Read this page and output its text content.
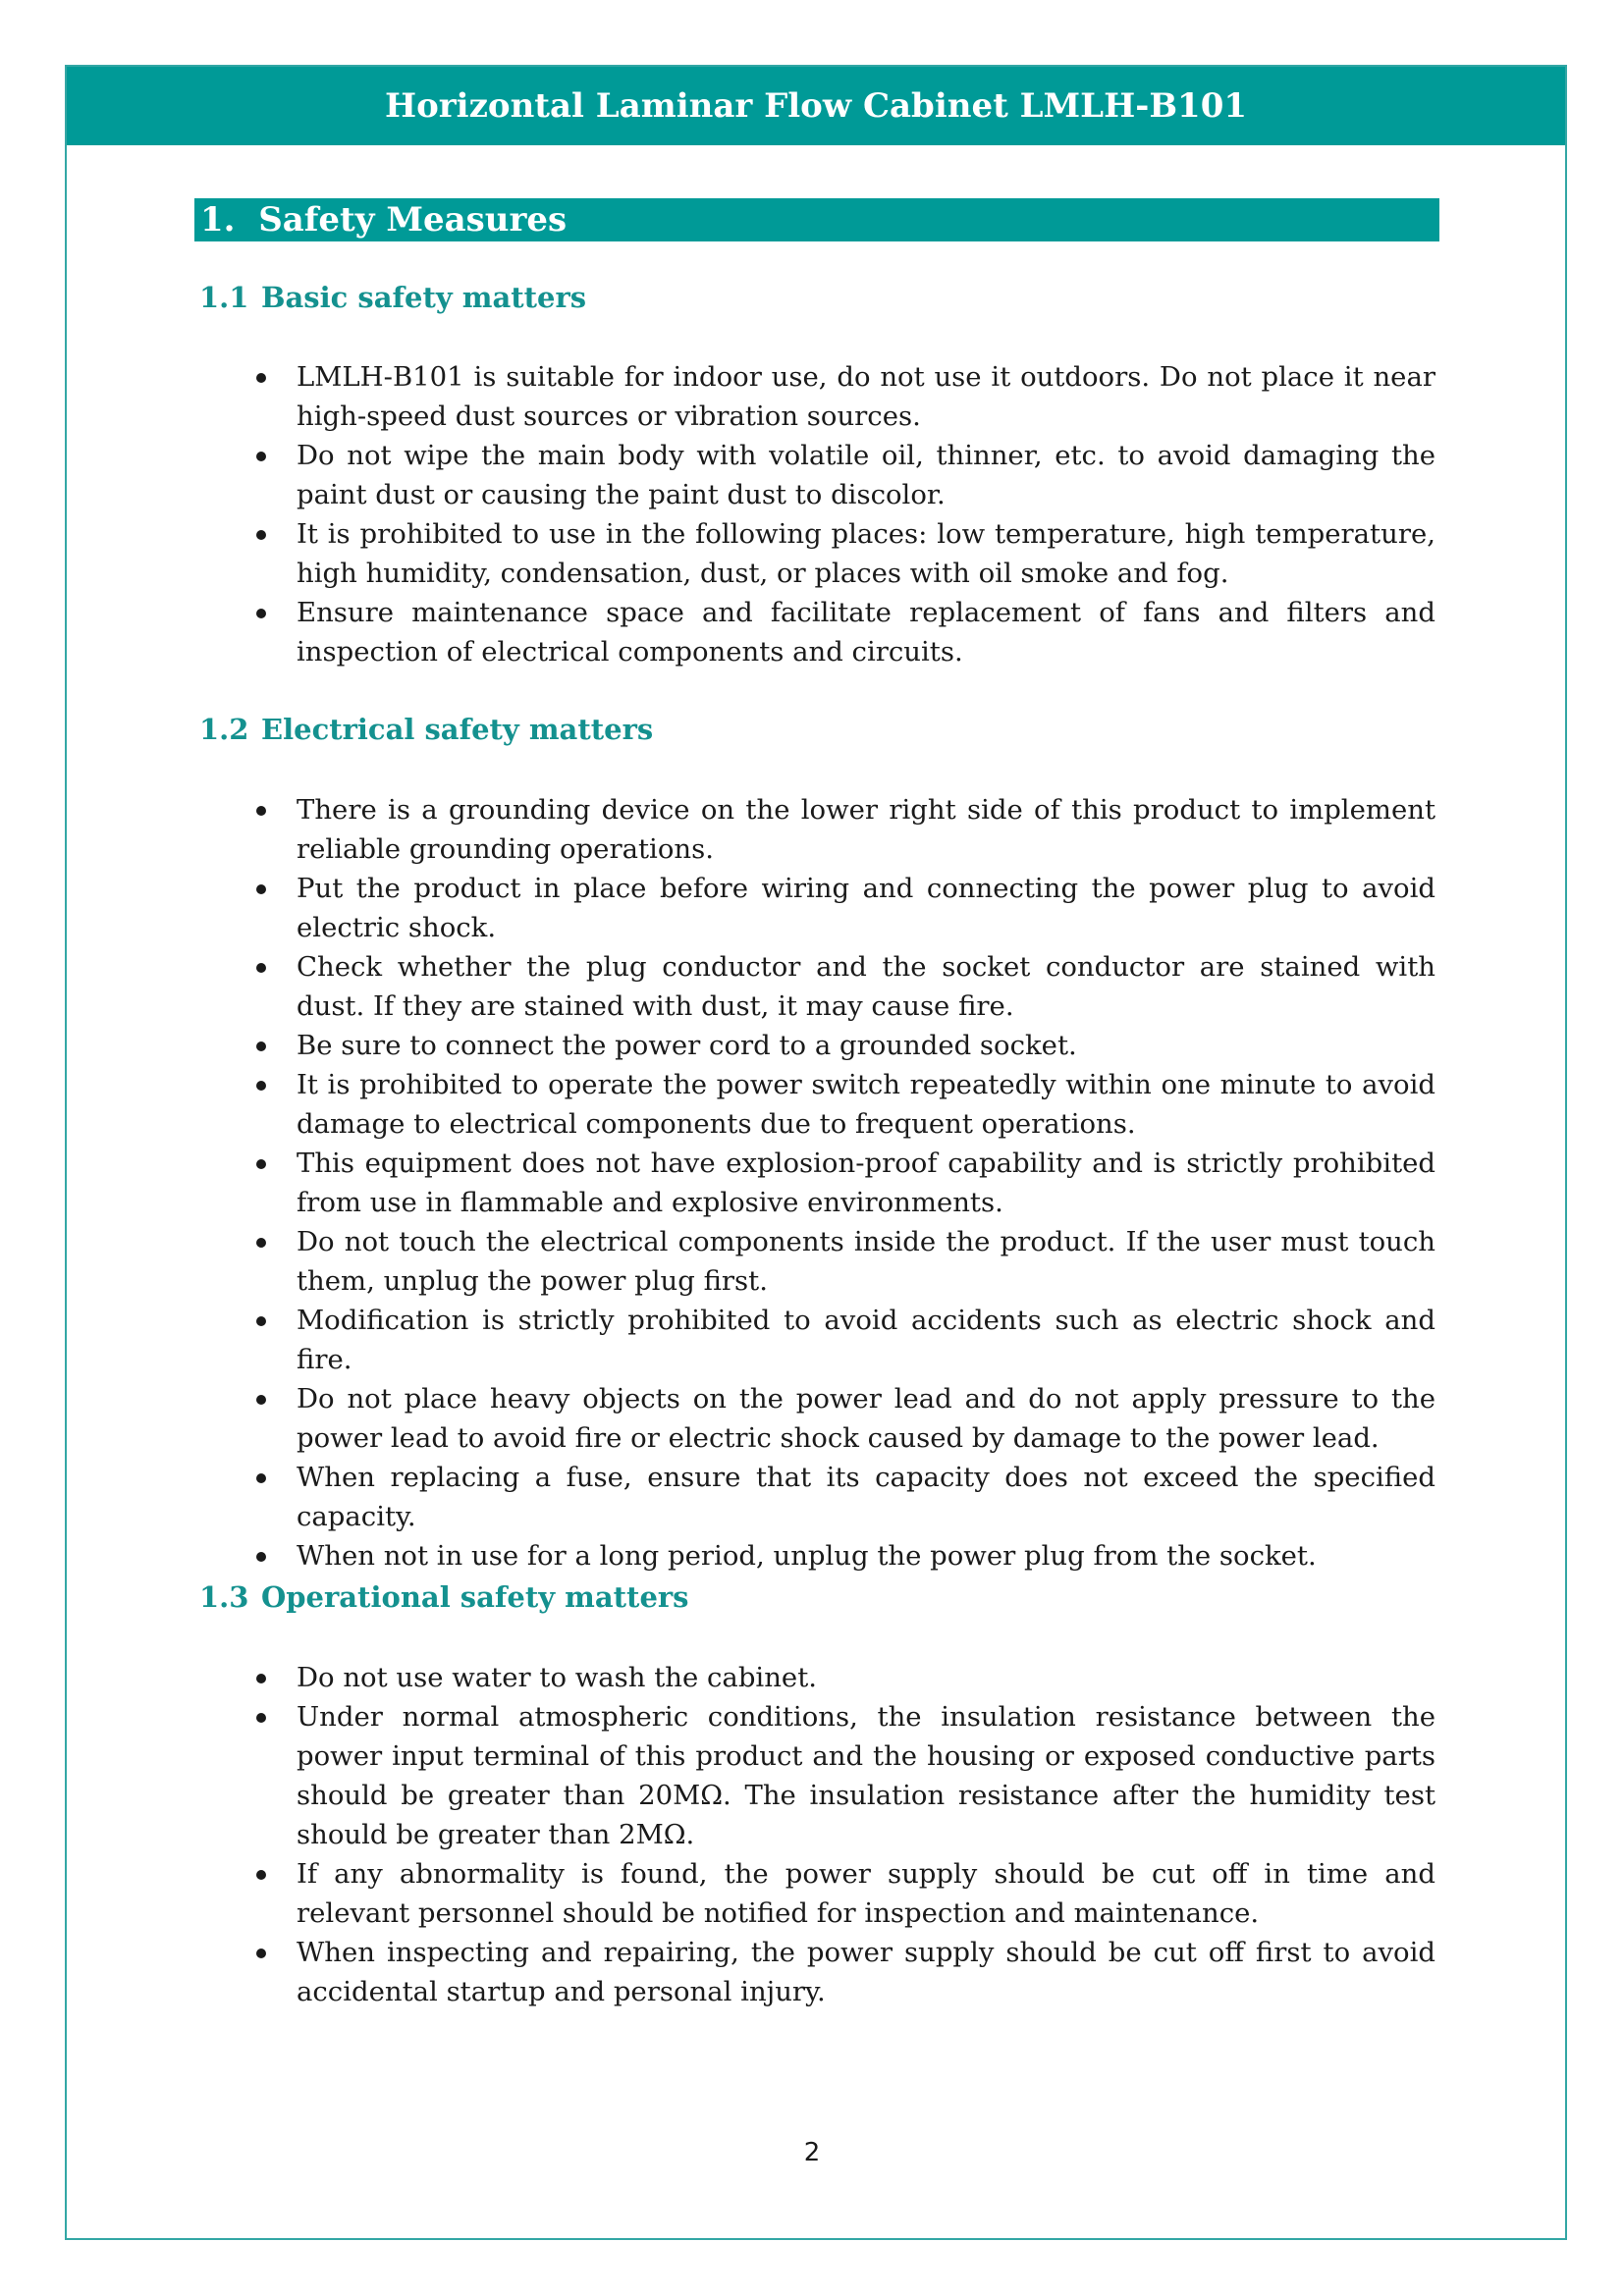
Horizontal Laminar Flow Cabinet LMLH-B101
1. Safety Measures
1.1 Basic safety matters
LMLH-B101 is suitable for indoor use, do not use it outdoors. Do not place it near high-speed dust sources or vibration sources.
Do not wipe the main body with volatile oil, thinner, etc. to avoid damaging the paint dust or causing the paint dust to discolor.
It is prohibited to use in the following places: low temperature, high temperature, high humidity, condensation, dust, or places with oil smoke and fog.
Ensure maintenance space and facilitate replacement of fans and filters and inspection of electrical components and circuits.
1.2 Electrical safety matters
There is a grounding device on the lower right side of this product to implement reliable grounding operations.
Put the product in place before wiring and connecting the power plug to avoid electric shock.
Check whether the plug conductor and the socket conductor are stained with dust. If they are stained with dust, it may cause fire.
Be sure to connect the power cord to a grounded socket.
It is prohibited to operate the power switch repeatedly within one minute to avoid damage to electrical components due to frequent operations.
This equipment does not have explosion-proof capability and is strictly prohibited from use in flammable and explosive environments.
Do not touch the electrical components inside the product. If the user must touch them, unplug the power plug first.
Modification is strictly prohibited to avoid accidents such as electric shock and fire.
Do not place heavy objects on the power lead and do not apply pressure to the power lead to avoid fire or electric shock caused by damage to the power lead.
When replacing a fuse, ensure that its capacity does not exceed the specified capacity.
When not in use for a long period, unplug the power plug from the socket.
1.3 Operational safety matters
Do not use water to wash the cabinet.
Under normal atmospheric conditions, the insulation resistance between the power input terminal of this product and the housing or exposed conductive parts should be greater than 20MΩ. The insulation resistance after the humidity test should be greater than 2MΩ.
If any abnormality is found, the power supply should be cut off in time and relevant personnel should be notified for inspection and maintenance.
When inspecting and repairing, the power supply should be cut off first to avoid accidental startup and personal injury.
2
